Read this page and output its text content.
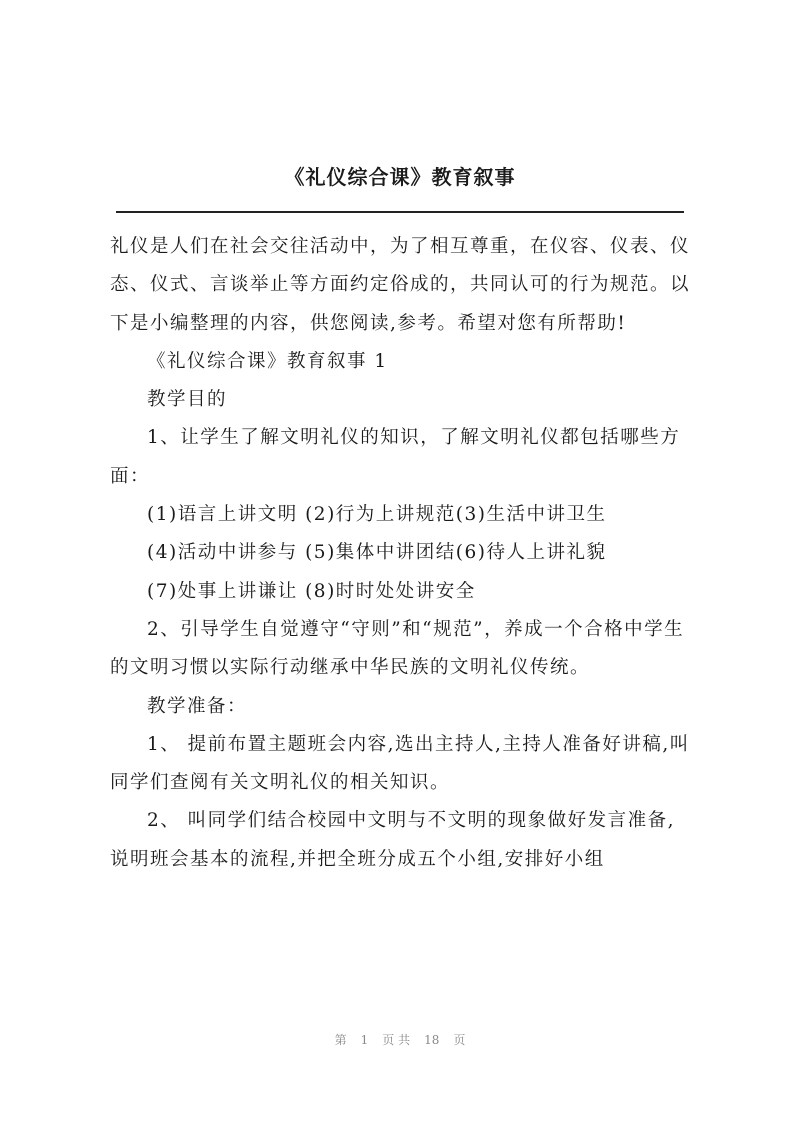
《礼仪综合课》教育叙事

礼仪是人们在社会交往活动中，为了相互尊重，在仪容、仪表、仪态、仪式、言谈举止等方面约定俗成的，共同认可的行为规范。以下是小编整理的内容，供您阅读,参考。希望对您有所帮助!

《礼仪综合课》教育叙事 1

教学目的

1、让学生了解文明礼仪的知识，了解文明礼仪都包括哪些方面：

(1)语言上讲文明 (2)行为上讲规范(3)生活中讲卫生

(4)活动中讲参与 (5)集体中讲团结(6)待人上讲礼貌

(7)处事上讲谦让 (8)时时处处讲安全

2、引导学生自觉遵守“守则”和“规范”，养成一个合格中学生的文明习惯以实际行动继承中华民族的文明礼仪传统。

教学准备：

1、 提前布置主题班会内容,选出主持人,主持人准备好讲稿,叫同学们查阅有关文明礼仪的相关知识。

2、 叫同学们结合校园中文明与不文明的现象做好发言准备,说明班会基本的流程,并把全班分成五个小组,安排好小组

第 1 页 共 18 页
